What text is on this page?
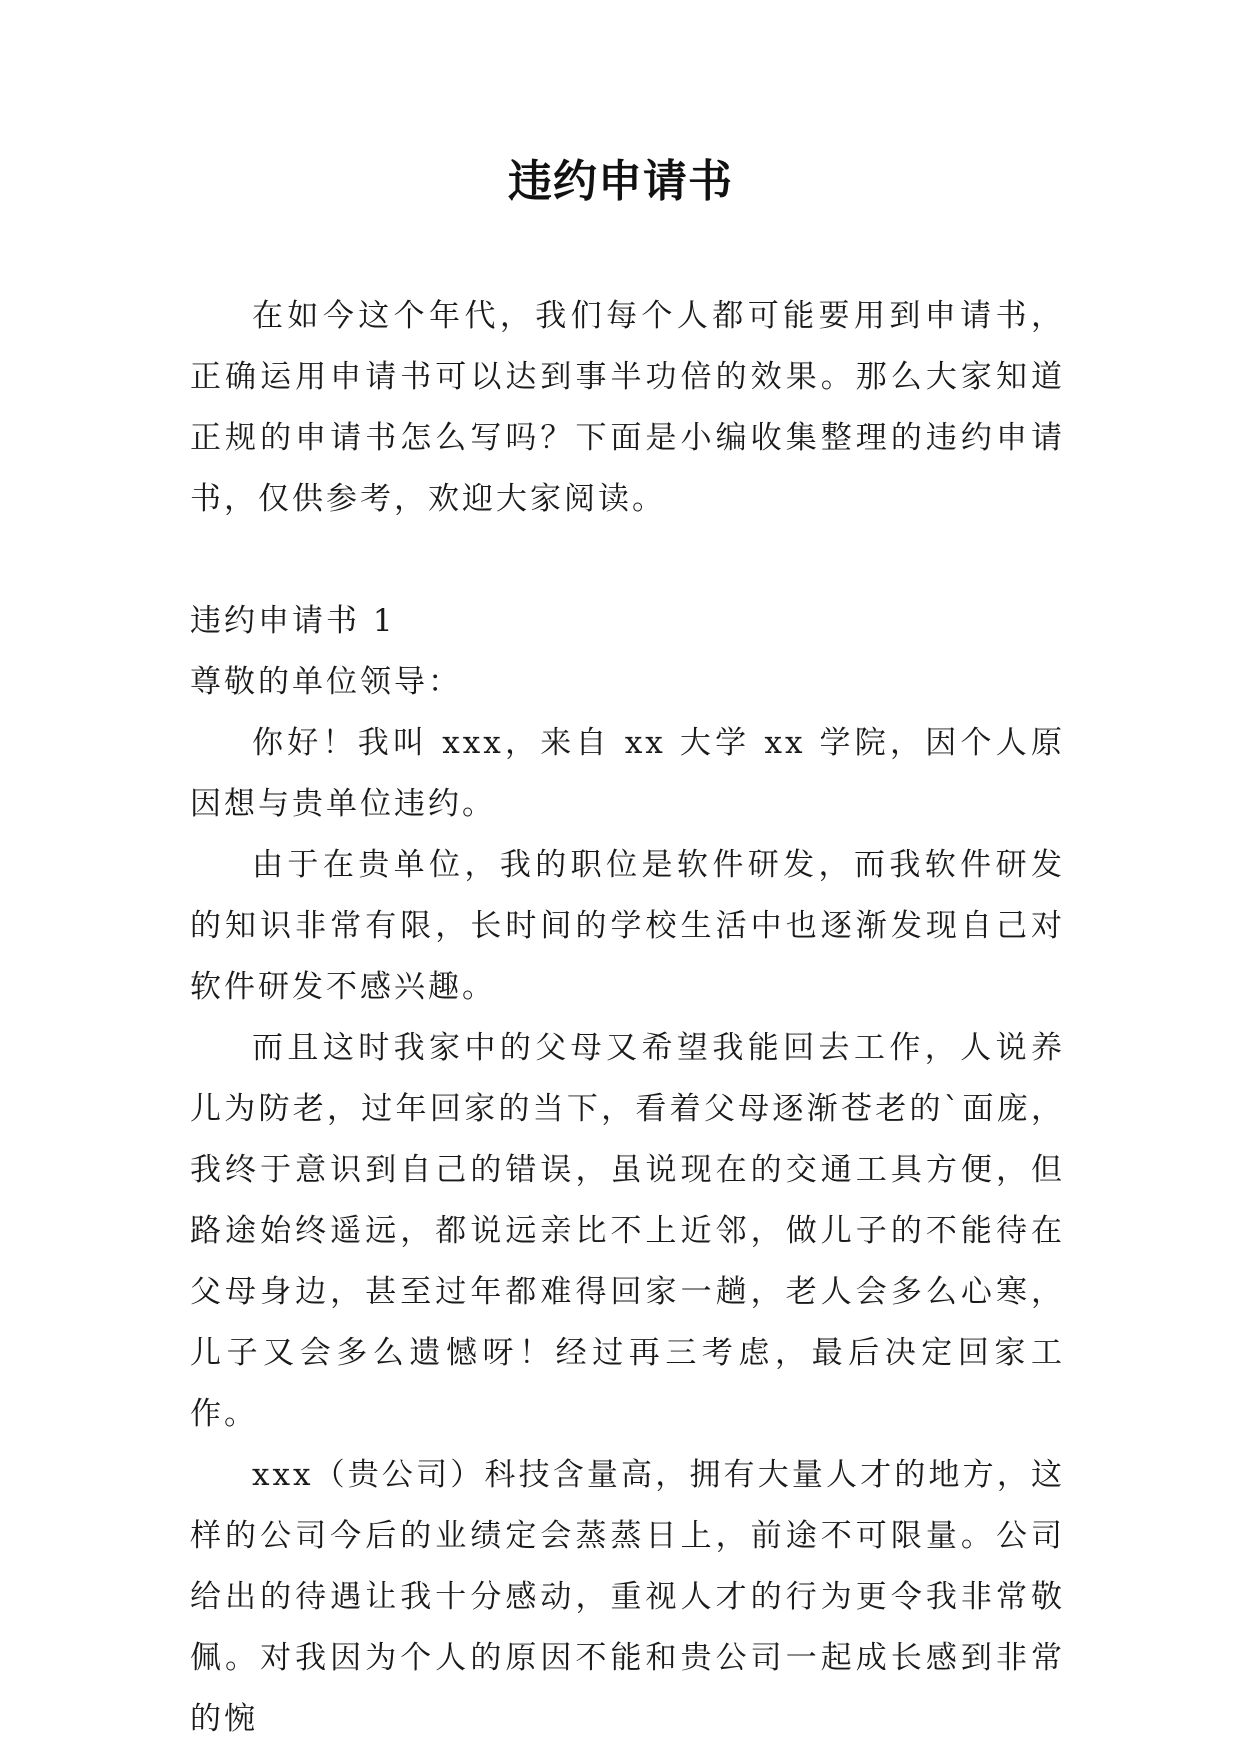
违约申请书

在如今这个年代，我们每个人都可能要用到申请书，正确运用申请书可以达到事半功倍的效果。那么大家知道正规的申请书怎么写吗？下面是小编收集整理的违约申请书，仅供参考，欢迎大家阅读。

违约申请书 1

尊敬的单位领导：

你好！我叫 xxx，来自 xx 大学 xx 学院，因个人原因想与贵单位违约。

由于在贵单位，我的职位是软件研发，而我软件研发的知识非常有限，长时间的学校生活中也逐渐发现自己对软件研发不感兴趣。

而且这时我家中的父母又希望我能回去工作，人说养儿为防老，过年回家的当下，看着父母逐渐苍老的`面庞，我终于意识到自己的错误，虽说现在的交通工具方便，但路途始终遥远，都说远亲比不上近邻，做儿子的不能待在父母身边，甚至过年都难得回家一趟，老人会多么心寒，儿子又会多么遗憾呀！经过再三考虑，最后决定回家工作。

xxx（贵公司）科技含量高，拥有大量人才的地方，这样的公司今后的业绩定会蒸蒸日上，前途不可限量。公司给出的待遇让我十分感动，重视人才的行为更令我非常敬佩。对我因为个人的原因不能和贵公司一起成长感到非常的惋
